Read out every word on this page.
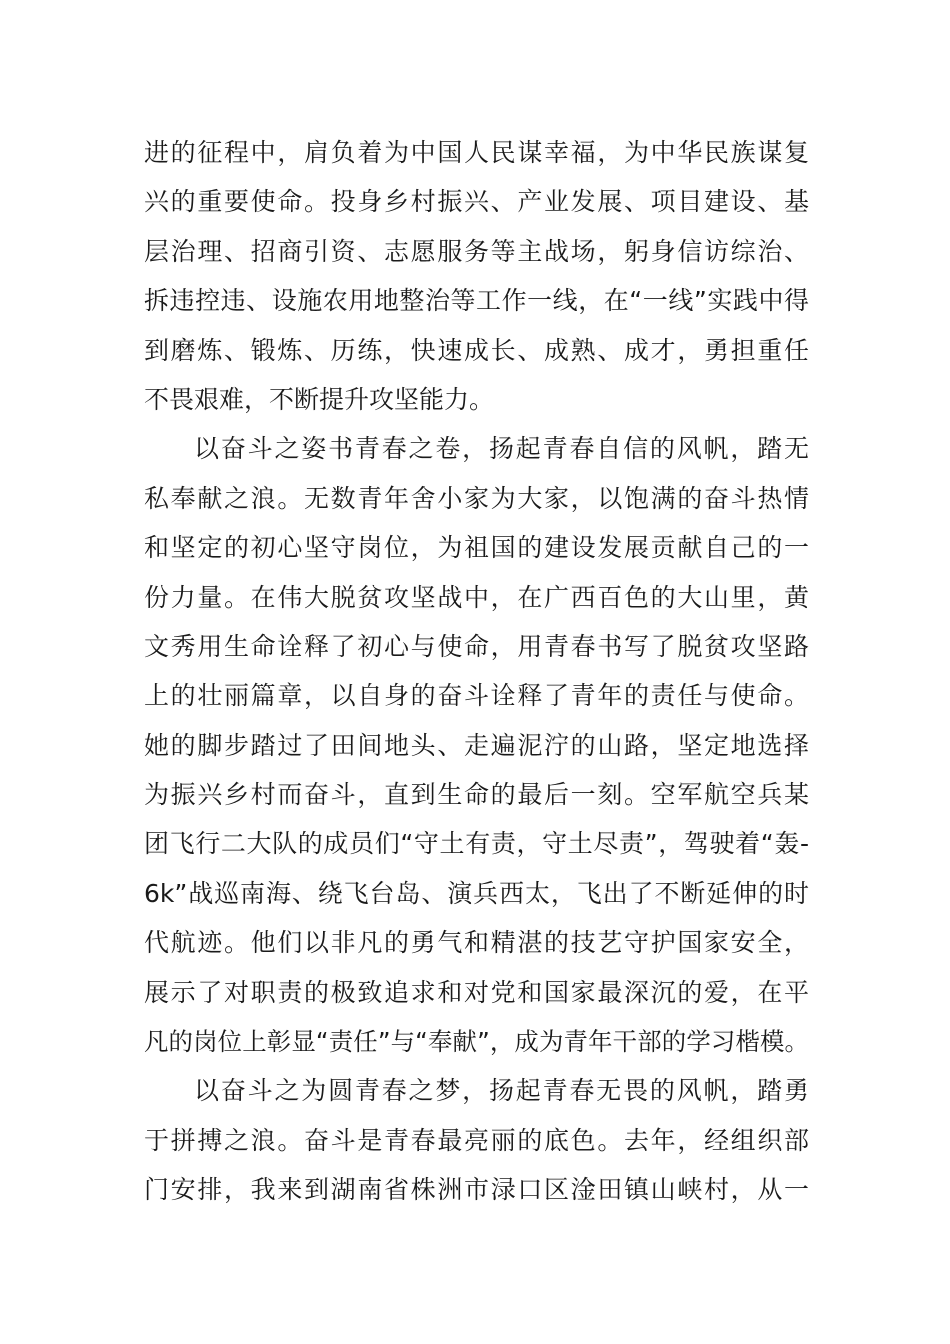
进的征程中，肩负着为中国人民谋幸福，为中华民族谋复
兴的重要使命。投身乡村振兴、产业发展、项目建设、基
层治理、招商引资、志愿服务等主战场，躬身信访综治、
拆违控违、设施农用地整治等工作一线，在“一线”实践中得
到磨炼、锻炼、历练，快速成长、成熟、成才，勇担重任
不畏艰难，不断提升攻坚能力。
以奋斗之姿书青春之卷，扬起青春自信的风帆，踏无
私奉献之浪。无数青年舍小家为大家，以饱满的奋斗热情
和坚定的初心坚守岗位，为祖国的建设发展贡献自己的一
份力量。在伟大脱贫攻坚战中，在广西百色的大山里，黄
文秀用生命诠释了初心与使命，用青春书写了脱贫攻坚路
上的壮丽篇章，以自身的奋斗诠释了青年的责任与使命。
她的脚步踏过了田间地头、走遍泥泞的山路，坚定地选择
为振兴乡村而奋斗，直到生命的最后一刻。空军航空兵某
团飞行二大队的成员们“守土有责，守土尽责”，驾驶着“轰-
6k”战巡南海、绕飞台岛、演兵西太，飞出了不断延伸的时
代航迹。他们以非凡的勇气和精湛的技艺守护国家安全，
展示了对职责的极致追求和对党和国家最深沉的爱，在平
凡的岗位上彰显“责任”与“奉献”，成为青年干部的学习楷模。
以奋斗之为圆青春之梦，扬起青春无畏的风帆，踏勇
于拼搏之浪。奋斗是青春最亮丽的底色。去年，经组织部
门安排，我来到湖南省株洲市渌口区淦田镇山峡村，从一
